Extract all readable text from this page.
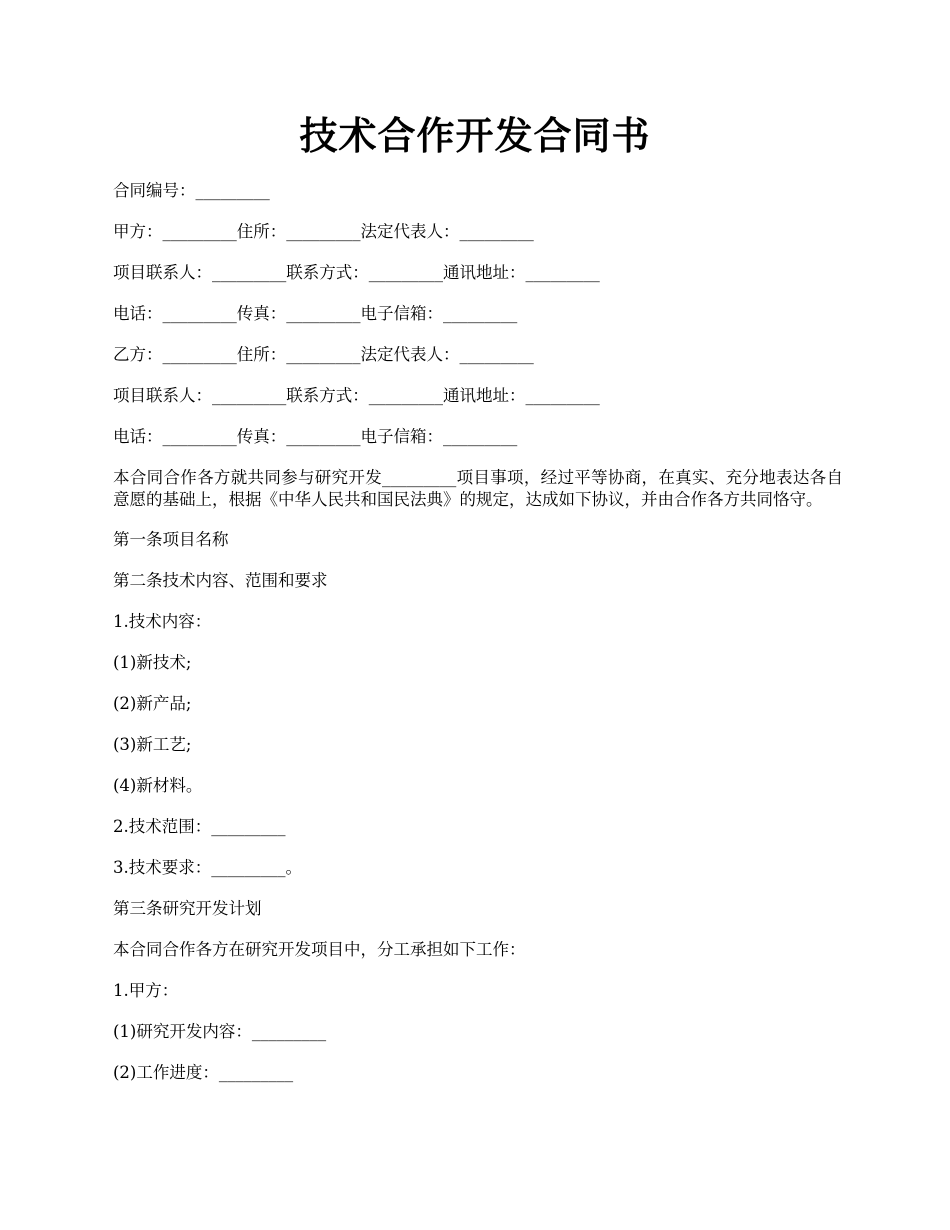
技术合作开发合同书
合同编号：_________
甲方：_________住所：_________法定代表人：_________
项目联系人：_________联系方式：_________通讯地址：_________
电话：_________传真：_________电子信箱：_________
乙方：_________住所：_________法定代表人：_________
项目联系人：_________联系方式：_________通讯地址：_________
电话：_________传真：_________电子信箱：_________
本合同合作各方就共同参与研究开发_________项目事项，经过平等协商，在真实、充分地表达各自意愿的基础上，根据《中华人民共和国民法典》的规定，达成如下协议，并由合作各方共同恪守。
第一条项目名称
第二条技术内容、范围和要求
1.技术内容：
(1)新技术;
(2)新产品;
(3)新工艺;
(4)新材料。
2.技术范围：_________
3.技术要求：_________。
第三条研究开发计划
本合同合作各方在研究开发项目中，分工承担如下工作：
1.甲方：
(1)研究开发内容：_________
(2)工作进度：_________
